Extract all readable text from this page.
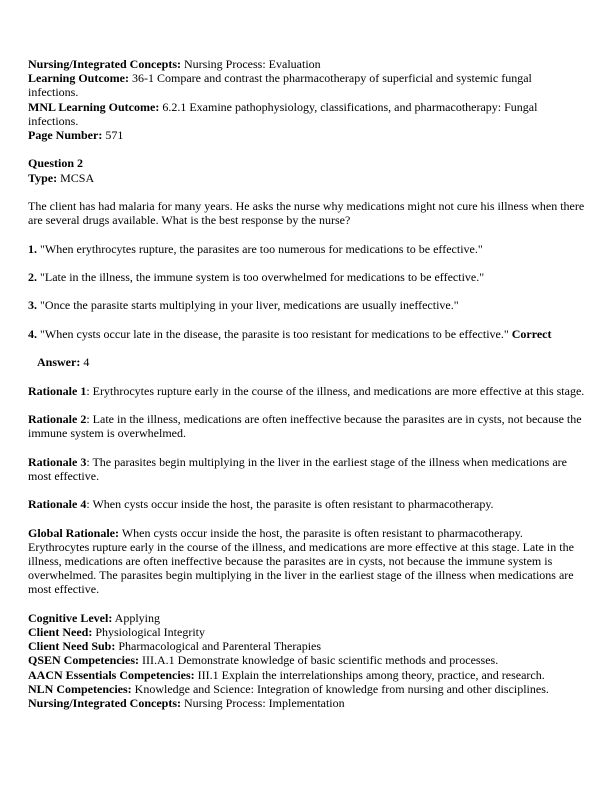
Nursing/Integrated Concepts: Nursing Process: Evaluation

Learning Outcome: 36-1 Compare and contrast the pharmacotherapy of superficial and systemic fungal infections.

MNL Learning Outcome: 6.2.1 Examine pathophysiology, classifications, and pharmacotherapy: Fungal infections.

Page Number: 571

Question 2

Type: MCSA

The client has had malaria for many years. He asks the nurse why medications might not cure his illness when there are several drugs available. What is the best response by the nurse?

1. "When erythrocytes rupture, the parasites are too numerous for medications to be effective."

2. "Late in the illness, the immune system is too overwhelmed for medications to be effective."

3. "Once the parasite starts multiplying in your liver, medications are usually ineffective."

4. "When cysts occur late in the disease, the parasite is too resistant for medications to be effective." Correct

Answer: 4

Rationale 1: Erythrocytes rupture early in the course of the illness, and medications are more effective at this stage.

Rationale 2: Late in the illness, medications are often ineffective because the parasites are in cysts, not because the immune system is overwhelmed.

Rationale 3: The parasites begin multiplying in the liver in the earliest stage of the illness when medications are most effective.

Rationale 4: When cysts occur inside the host, the parasite is often resistant to pharmacotherapy.

Global Rationale: When cysts occur inside the host, the parasite is often resistant to pharmacotherapy. Erythrocytes rupture early in the course of the illness, and medications are more effective at this stage. Late in the illness, medications are often ineffective because the parasites are in cysts, not because the immune system is overwhelmed. The parasites begin multiplying in the liver in the earliest stage of the illness when medications are most effective.

Cognitive Level: Applying

Client Need: Physiological Integrity

Client Need Sub: Pharmacological and Parenteral Therapies

QSEN Competencies: III.A.1 Demonstrate knowledge of basic scientific methods and processes.

AACN Essentials Competencies: III.1 Explain the interrelationships among theory, practice, and research.

NLN Competencies: Knowledge and Science: Integration of knowledge from nursing and other disciplines.

Nursing/Integrated Concepts: Nursing Process: Implementation
